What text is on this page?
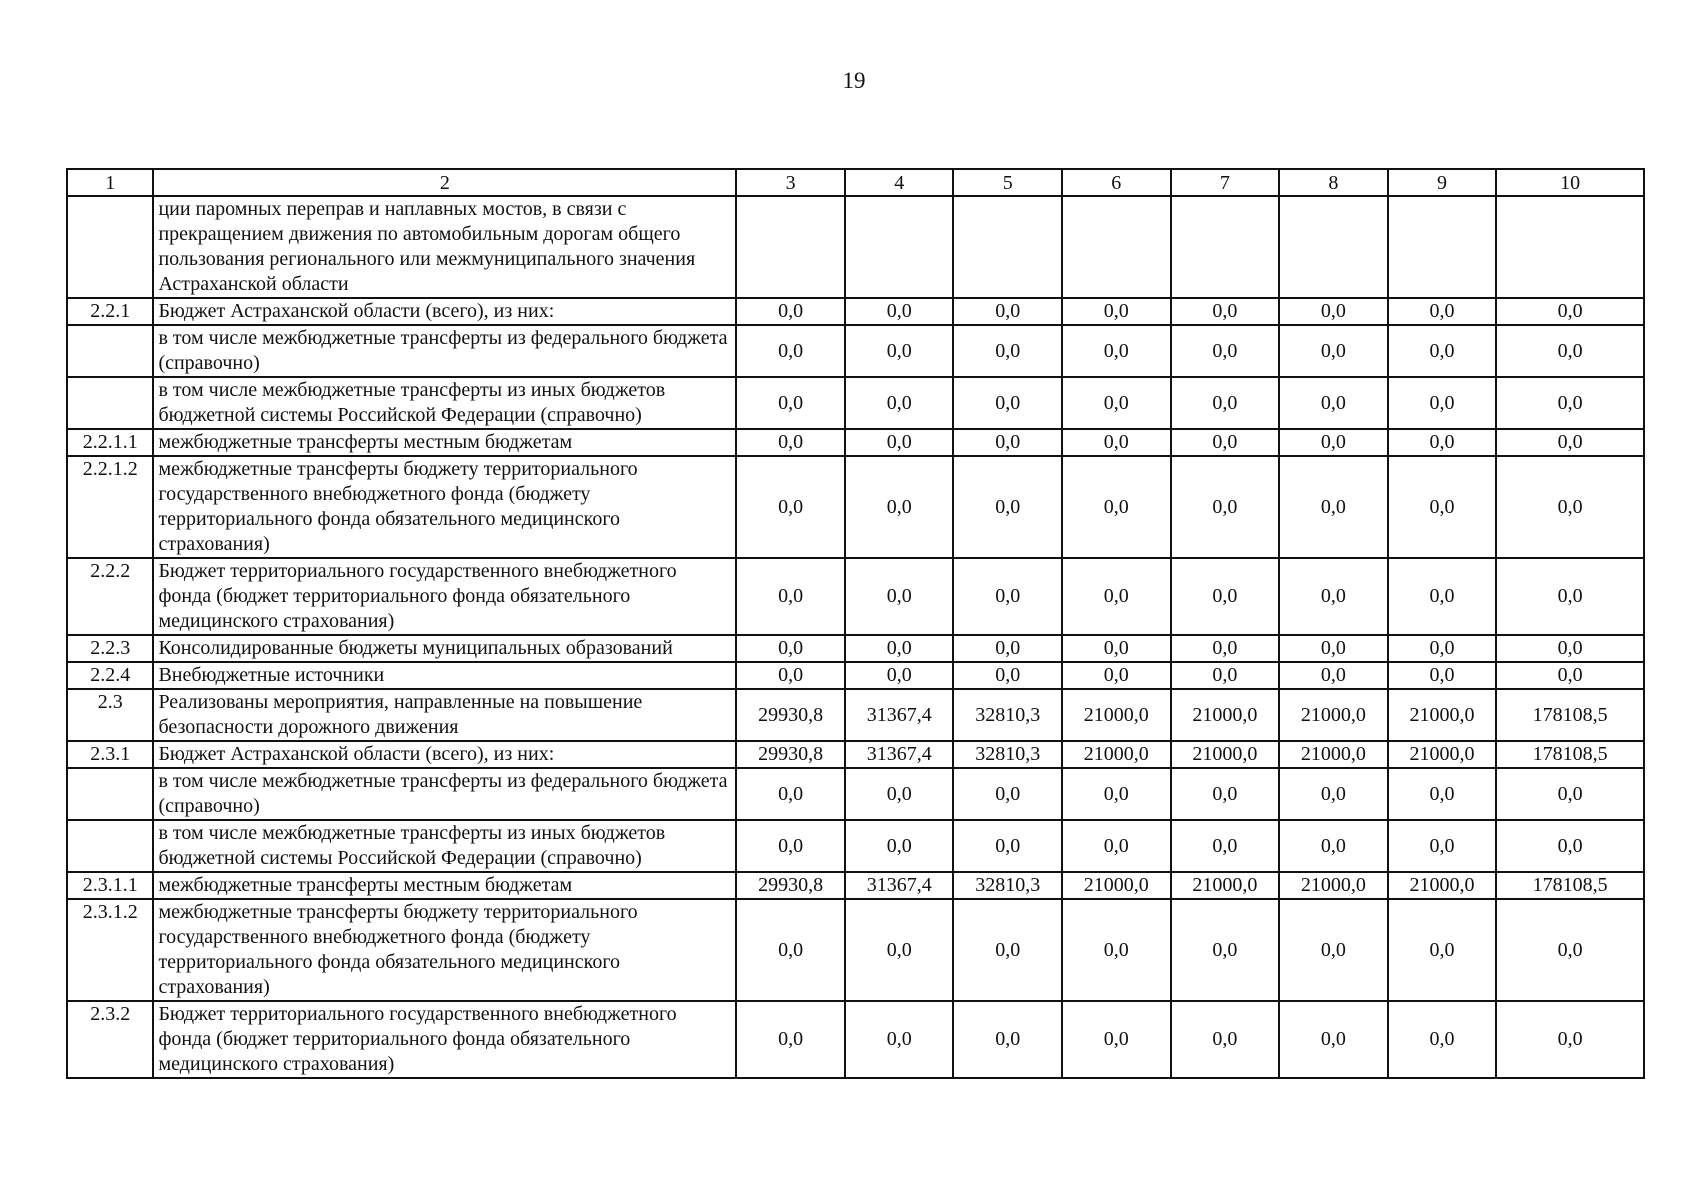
19
1	2	3	4	5	6	7	8	9	10
	ции паромных переправ и наплавных мостов, в связи с прекращением движения по автомобильным дорогам общего пользования регионального или межмуниципального значения Астраханской области								
2.2.1	Бюджет Астраханской области (всего), из них:	0,0	0,0	0,0	0,0	0,0	0,0	0,0	0,0
	в том числе межбюджетные трансферты из федерального бюджета (справочно)	0,0	0,0	0,0	0,0	0,0	0,0	0,0	0,0
	в том числе межбюджетные трансферты из иных бюджетов бюджетной системы Российской Федерации (справочно)	0,0	0,0	0,0	0,0	0,0	0,0	0,0	0,0
2.2.1.1	межбюджетные трансферты местным бюджетам	0,0	0,0	0,0	0,0	0,0	0,0	0,0	0,0
2.2.1.2	межбюджетные трансферты бюджету территориального государственного внебюджетного фонда (бюджету территориального фонда обязательного медицинского страхования)	0,0	0,0	0,0	0,0	0,0	0,0	0,0	0,0
2.2.2	Бюджет территориального государственного внебюджетного фонда (бюджет территориального фонда обязательного медицинского страхования)	0,0	0,0	0,0	0,0	0,0	0,0	0,0	0,0
2.2.3	Консолидированные бюджеты муниципальных образований	0,0	0,0	0,0	0,0	0,0	0,0	0,0	0,0
2.2.4	Внебюджетные источники	0,0	0,0	0,0	0,0	0,0	0,0	0,0	0,0
2.3	Реализованы мероприятия, направленные на повышение безопасности дорожного движения	29930,8	31367,4	32810,3	21000,0	21000,0	21000,0	21000,0	178108,5
2.3.1	Бюджет Астраханской области (всего), из них:	29930,8	31367,4	32810,3	21000,0	21000,0	21000,0	21000,0	178108,5
	в том числе межбюджетные трансферты из федерального бюджета (справочно)	0,0	0,0	0,0	0,0	0,0	0,0	0,0	0,0
	в том числе межбюджетные трансферты из иных бюджетов бюджетной системы Российской Федерации (справочно)	0,0	0,0	0,0	0,0	0,0	0,0	0,0	0,0
2.3.1.1	межбюджетные трансферты местным бюджетам	29930,8	31367,4	32810,3	21000,0	21000,0	21000,0	21000,0	178108,5
2.3.1.2	межбюджетные трансферты бюджету территориального государственного внебюджетного фонда (бюджету территориального фонда обязательного медицинского страхования)	0,0	0,0	0,0	0,0	0,0	0,0	0,0	0,0
2.3.2	Бюджет территориального государственного внебюджетного фонда (бюджет территориального фонда обязательного медицинского страхования)	0,0	0,0	0,0	0,0	0,0	0,0	0,0	0,0
